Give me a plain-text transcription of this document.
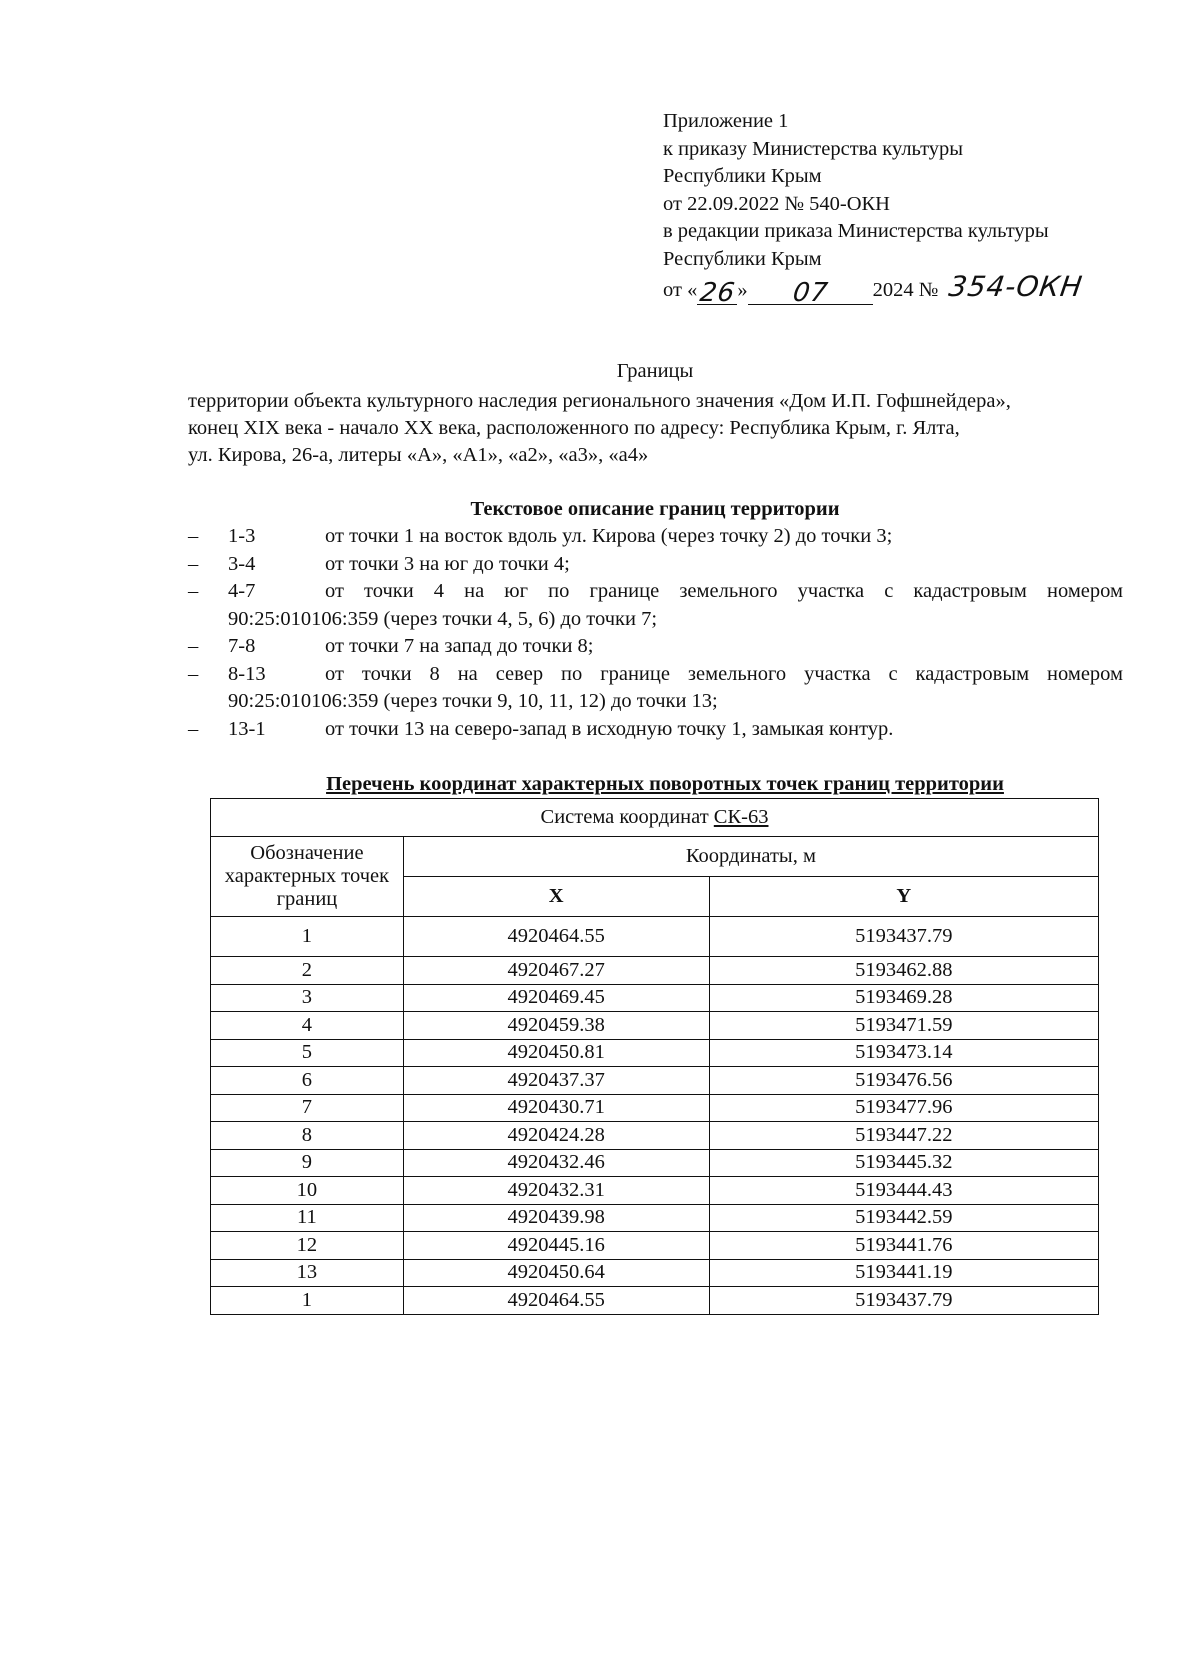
Приложение 1
к приказу Министерства культуры
Республики Крым
от 22.09.2022 № 540-ОКН
в редакции приказа Министерства культуры
Республики Крым
от «26» 07 2024 № 354-ОКН
Границы
территории объекта культурного наследия регионального значения «Дом И.П. Гофшнейдера»,
конец XIX века - начало XX века, расположенного по адресу: Республика Крым, г. Ялта,
ул. Кирова, 26-а, литеры «А», «А1», «а2», «а3», «а4»
Текстовое описание границ территории
– 1-3	от точки 1 на восток вдоль ул. Кирова (через точку 2) до точки 3;
– 3-4	от точки 3 на юг до точки 4;
– 4-7	от точки 4 на юг по границе земельного участка с кадастровым номером
90:25:010106:359 (через точки 4, 5, 6) до точки 7;
– 7-8	от точки 7 на запад до точки 8;
– 8-13	от точки 8 на север по границе земельного участка с кадастровым номером
90:25:010106:359 (через точки 9, 10, 11, 12) до точки 13;
– 13-1	от точки 13 на северо-запад в исходную точку 1, замыкая контур.
Перечень координат характерных поворотных точек границ территории
Система координат СК-63		
Обозначение характерных точек границ	Координаты, м	
	X	Y
1	4920464.55	5193437.79
2	4920467.27	5193462.88
3	4920469.45	5193469.28
4	4920459.38	5193471.59
5	4920450.81	5193473.14
6	4920437.37	5193476.56
7	4920430.71	5193477.96
8	4920424.28	5193447.22
9	4920432.46	5193445.32
10	4920432.31	5193444.43
11	4920439.98	5193442.59
12	4920445.16	5193441.76
13	4920450.64	5193441.19
1	4920464.55	5193437.79
